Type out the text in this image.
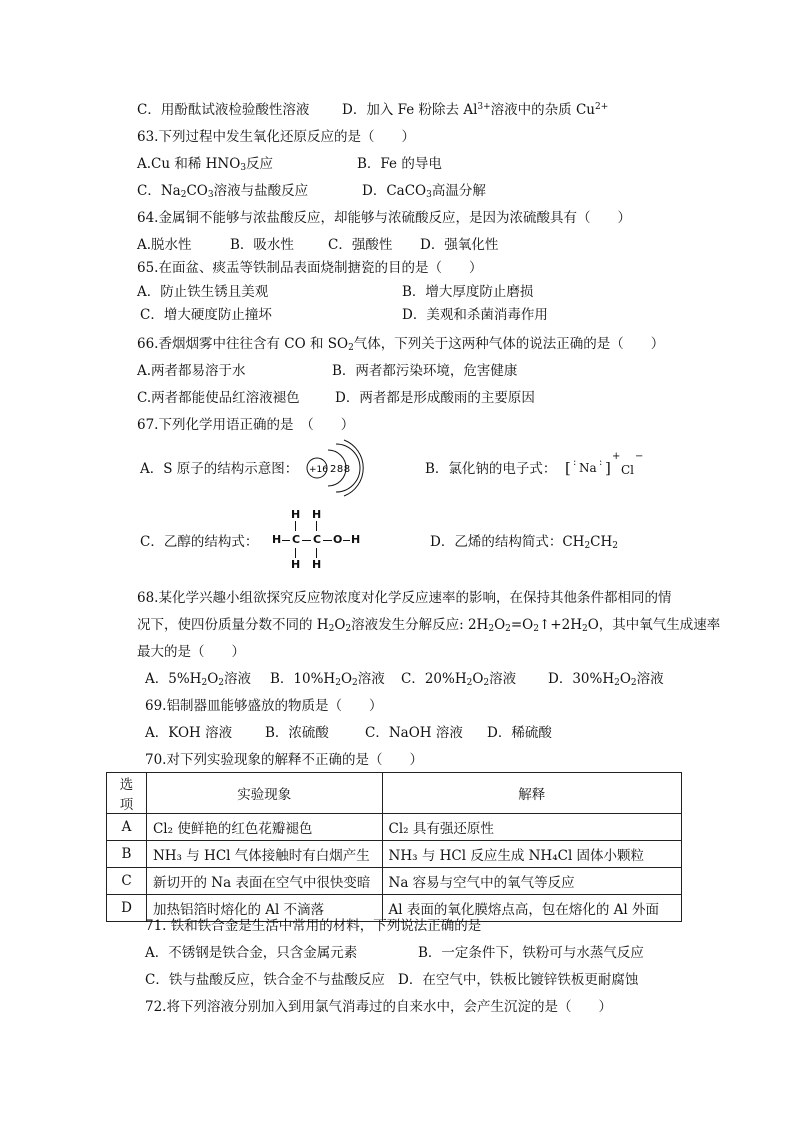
C．用酚酞试液检验酸性溶液 D．加入 Fe 粉除去 $Al^{3+}$溶液中的杂质 $Cu^{2+}$
63.下列过程中发生氧化还原反应的是（　　）
A.Cu 和稀 $HNO_3$反应	B．Fe 的导电
C．$Na_2CO_3$溶液与盐酸反应	D．CaCO$_3$高温分解
64.金属铜不能够与浓盐酸反应，却能够与浓硫酸反应，是因为浓硫酸具有（　　）
A.脱水性	B．吸水性	C．强酸性 D．强氧化性
65.在面盆、痰盂等铁制品表面烧制搪瓷的目的是（　　）
A．防止铁生锈且美观	B．增大厚度防止磨损
C．增大硬度防止撞坏	D．美观和杀菌消毒作用
66.香烟烟雾中往往含有 CO 和 $SO_2$气体，下列关于这两种气体的说法正确的是（　　）
A.两者都易溶于水	B．两者都污染环境，危害健康
C.两者都能使品红溶液褪色	D．两者都是形成酸雨的主要原因
67.下列化学用语正确的是　（　　）
A．S 原子的结构示意图： +16 288	B．氯化钠的电子式： [ : Na : ]
+
Cl
−
C．乙醇的结构式：
H H
H C C O H
H H
D．乙烯的结构简式：$CH_2CH_2$
68.某化学兴趣小组欲探究反应物浓度对化学反应速率的影响，在保持其他条件都相同的情
况下，使四份质量分数不同的 $H_2O_2$溶液发生分解反应: $2H_2O_2=O_2↑+2H_2O$，其中氧气生成速率
最大的是（　　）
A．$5\%H_2O_2$溶液 B．$10\%H_2O_2$溶液 C．$20\%H_2O_2$溶液 D．$30\%H_2O_2$溶液
69.铝制器皿能够盛放的物质是（　　）
A．KOH 溶液 B．浓硫酸	C．NaOH 溶液 D．稀硫酸
70.对下列实验现象的解释不正确的是（　　）
选项	实验现象	解释
A	Cl₂ 使鲜艳的红色花瓣褪色	Cl₂ 具有强还原性
B	NH₃ 与 HCl 气体接触时有白烟产生	NH₃ 与 HCl 反应生成 NH₄Cl 固体小颗粒
C	新切开的 Na 表面在空气中很快变暗	Na 容易与空气中的氧气等反应
D	加热铝箔时熔化的 Al 不滴落	Al 表面的氧化膜熔点高，包在熔化的 Al 外面
71. 铁和铁合金是生活中常用的材料，下列说法正确的是
A．不锈钢是铁合金，只含金属元素	B．一定条件下，铁粉可与水蒸气反应
C．铁与盐酸反应，铁合金不与盐酸反应 D．在空气中，铁板比镀锌铁板更耐腐蚀
72.将下列溶液分别加入到用氯气消毒过的自来水中，会产生沉淀的是（　　）
